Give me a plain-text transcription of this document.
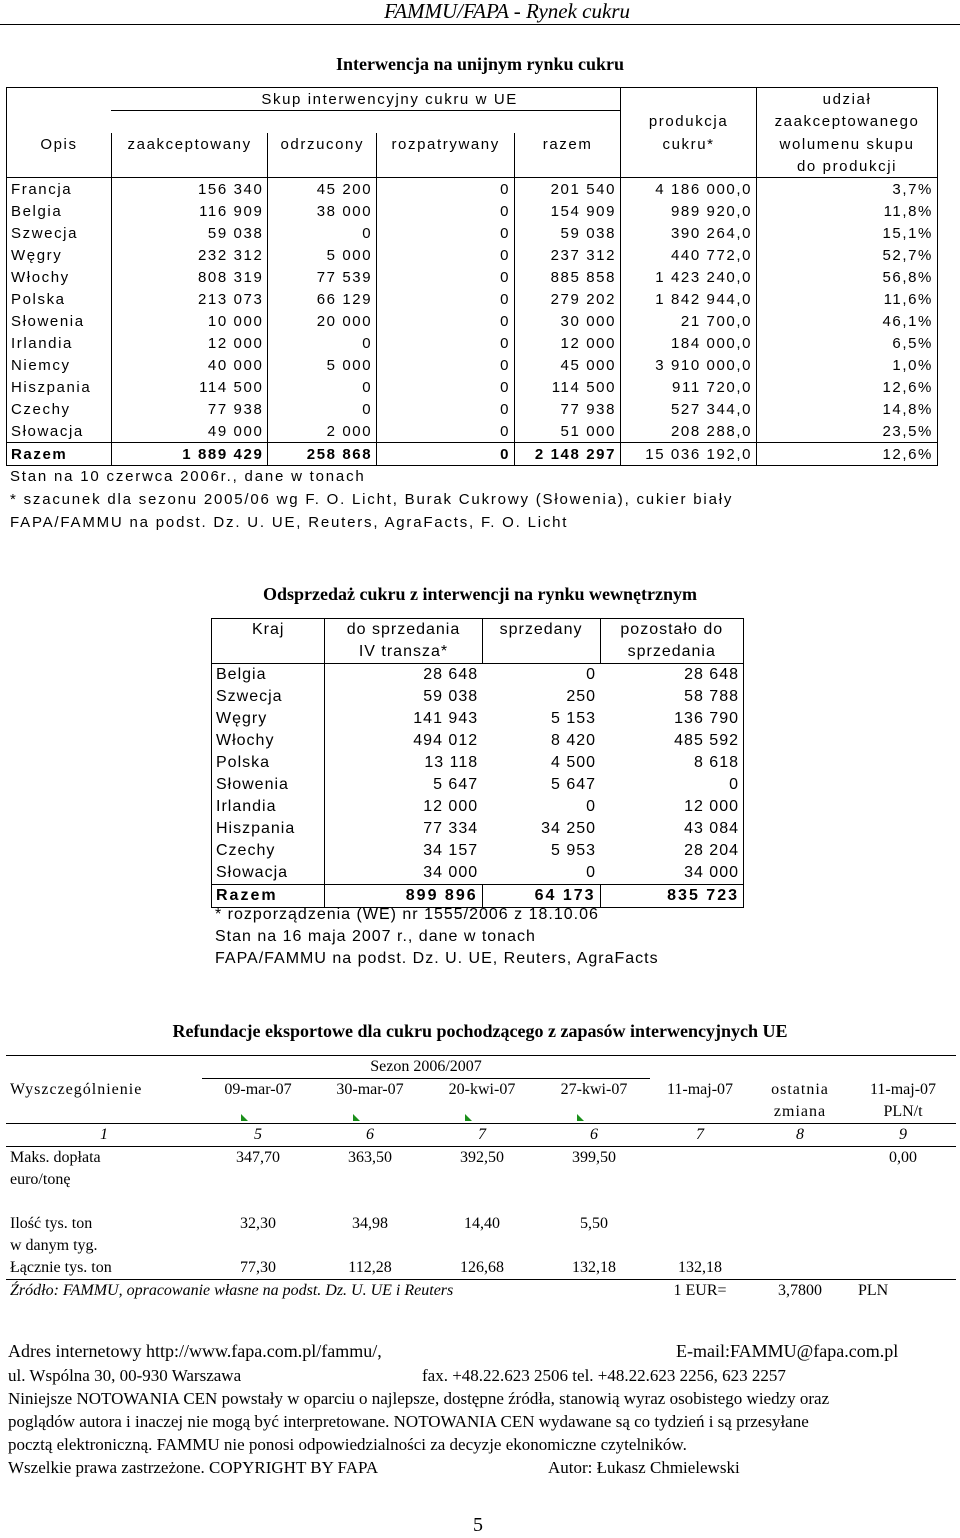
FAMMU/FAPA - Rynek cukru
Interwencja na unijnym rynku cukru
	Skup interwencyjny cukru w UE					udział
					produkcja	zaakceptowanego
Opis	zaakceptowany	odrzucony	rozpatrywany	razem	cukru*	wolumenu skupu
						do produkcji
Francja	156 340	45 200	0	201 540	4 186 000,0	3,7%
Belgia	116 909	38 000	0	154 909	989 920,0	11,8%
Szwecja	59 038	0	0	59 038	390 264,0	15,1%
Węgry	232 312	5 000	0	237 312	440 772,0	52,7%
Włochy	808 319	77 539	0	885 858	1 423 240,0	56,8%
Polska	213 073	66 129	0	279 202	1 842 944,0	11,6%
Słowenia	10 000	20 000	0	30 000	21 700,0	46,1%
Irlandia	12 000	0	0	12 000	184 000,0	6,5%
Niemcy	40 000	5 000	0	45 000	3 910 000,0	1,0%
Hiszpania	114 500	0	0	114 500	911 720,0	12,6%
Czechy	77 938	0	0	77 938	527 344,0	14,8%
Słowacja	49 000	2 000	0	51 000	208 288,0	23,5%
Razem	1 889 429	258 868	0	2 148 297	15 036 192,0	12,6%
Stan na 10 czerwca 2006r., dane w tonach
* szacunek dla sezonu 2005/06 wg F. O. Licht, Burak Cukrowy (Słowenia), cukier biały
FAPA/FAMMU na podst. Dz. U. UE, Reuters, AgraFacts, F. O. Licht
Odsprzedaż cukru z interwencji na rynku wewnętrznym
Kraj	do sprzedania	sprzedany	pozostało do
	IV transza*		sprzedania
Belgia	28 648	0	28 648
Szwecja	59 038	250	58 788
Węgry	141 943	5 153	136 790
Włochy	494 012	8 420	485 592
Polska	13 118	4 500	8 618
Słowenia	5 647	5 647	0
Irlandia	12 000	0	12 000
Hiszpania	77 334	34 250	43 084
Czechy	34 157	5 953	28 204
Słowacja	34 000	0	34 000
Razem	899 896	64 173	835 723
* rozporządzenia (WE) nr 1555/2006 z 18.10.06
Stan na 16 maja 2007 r., dane w tonach
FAPA/FAMMU na podst. Dz. U. UE, Reuters, AgraFacts
Refundacje eksportowe dla cukru pochodzącego z zapasów interwencyjnych UE
	Sezon 2006/2007						
Wyszczególnienie	09-mar-07	30-mar-07	20-kwi-07	27-kwi-07	11-maj-07	ostatnia	11-maj-07
						zmiana	PLN/t
1	5	6	7	6	7	8	9
Maks. dopłata	347,70	363,50	392,50	399,50			0,00
euro/tonę							

Ilość tys. ton	32,30	34,98	14,40	5,50			
w danym tyg.							
Łącznie tys. ton	77,30	112,28	126,68	132,18	132,18		
Źródło: FAMMU, opracowanie własne na podst. Dz. U. UE i Reuters					1 EUR=	3,7800	PLN
Adres internetowy http://www.fapa.com.pl/fammu/,	E-mail:FAMMU@fapa.com.pl
ul. Wspólna 30, 00-930 Warszawa	fax. +48.22.623 2506 tel. +48.22.623 2256, 623 2257
Niniejsze NOTOWANIA CEN powstały w oparciu o najlepsze, dostępne źródła, stanowią wyraz osobistego wiedzy oraz
poglądów autora i inaczej nie mogą być interpretowane. NOTOWANIA CEN wydawane są co tydzień i są przesyłane
pocztą elektroniczną. FAMMU nie ponosi odpowiedzialności za decyzje ekonomiczne czytelników.
Wszelkie prawa zastrzeżone. COPYRIGHT BY FAPA	Autor: Łukasz Chmielewski
5
